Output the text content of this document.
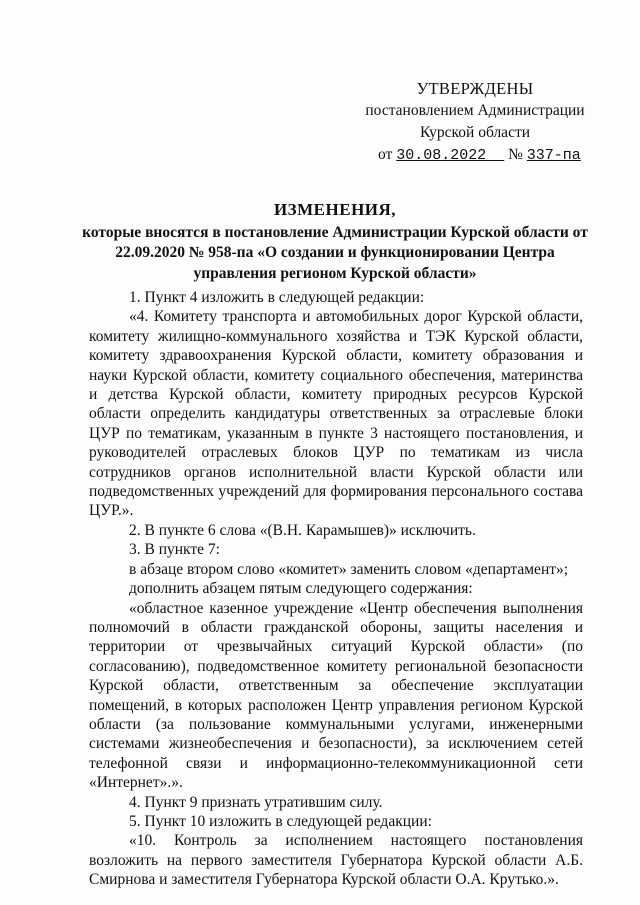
УТВЕРЖДЕНЫ
постановлением Администрации
Курской области
от 30.08.2022 № 337-па
ИЗМЕНЕНИЯ,
которые вносятся в постановление Администрации Курской области от 22.09.2020 № 958-па «О создании и функционировании Центра управления регионом Курской области»

1. Пункт 4 изложить в следующей редакции:

«4. Комитету транспорта и автомобильных дорог Курской области, комитету жилищно-коммунального хозяйства и ТЭК Курской области, комитету здравоохранения Курской области, комитету образования и науки Курской области, комитету социального обеспечения, материнства и детства Курской области, комитету природных ресурсов Курской области определить кандидатуры ответственных за отраслевые блоки ЦУР по тематикам, указанным в пункте 3 настоящего постановления, и руководителей отраслевых блоков ЦУР по тематикам из числа сотрудников органов исполнительной власти Курской области или подведомственных учреждений для формирования персонального состава ЦУР.».

2. В пункте 6 слова «(В.Н. Карамышев)» исключить.

3. В пункте 7:

в абзаце втором слово «комитет» заменить словом «департамент»;

дополнить абзацем пятым следующего содержания:

«областное казенное учреждение «Центр обеспечения выполнения полномочий в области гражданской обороны, защиты населения и территории от чрезвычайных ситуаций Курской области» (по согласованию), подведомственное комитету региональной безопасности Курской области, ответственным за обеспечение эксплуатации помещений, в которых расположен Центр управления регионом Курской области (за пользование коммунальными услугами, инженерными системами жизнеобеспечения и безопасности), за исключением сетей телефонной связи и информационно-телекоммуникационной сети «Интернет».».

4. Пункт 9 признать утратившим силу.

5. Пункт 10 изложить в следующей редакции:

«10. Контроль за исполнением настоящего постановления возложить на первого заместителя Губернатора Курской области А.Б. Смирнова и заместителя Губернатора Курской области О.А. Крутько.».
